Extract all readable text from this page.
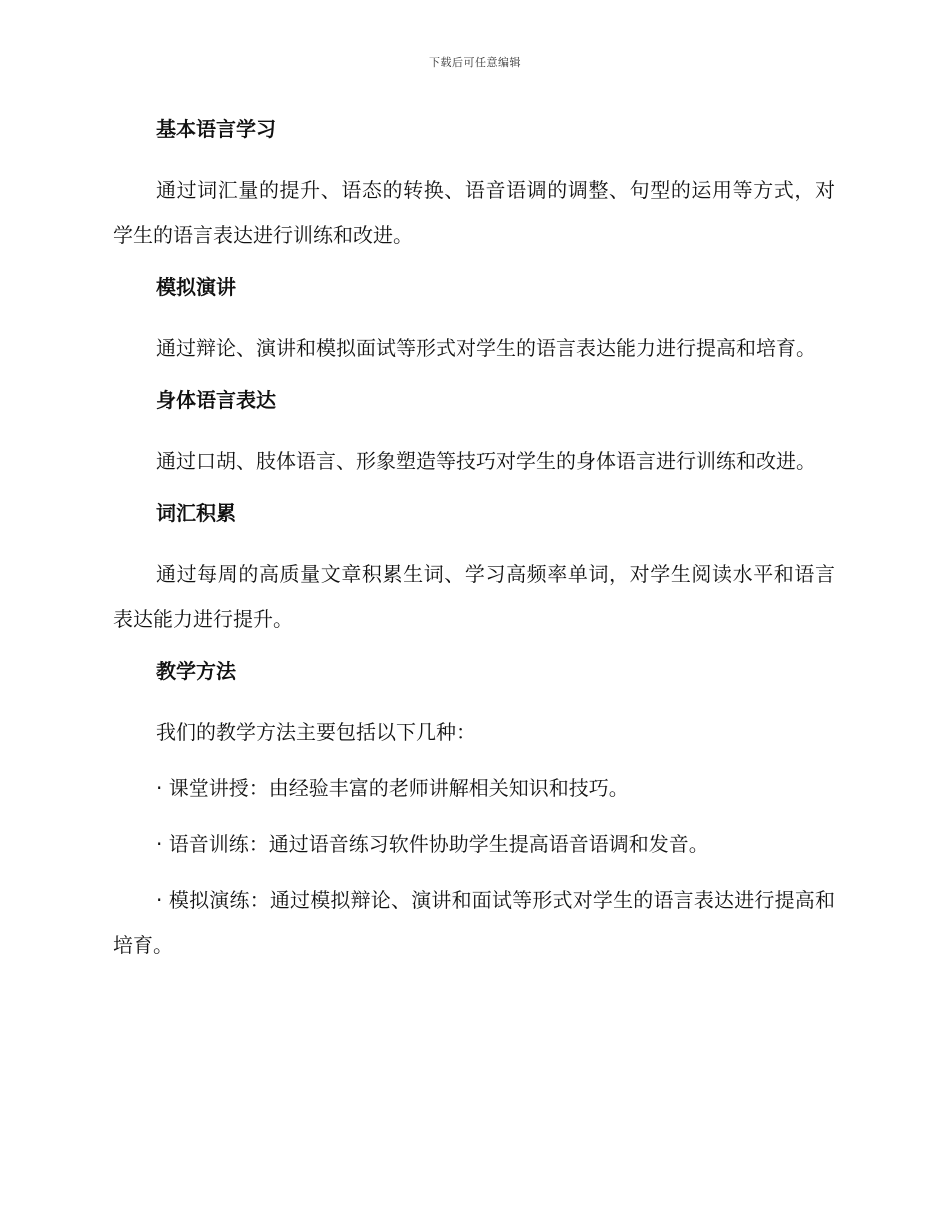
下载后可任意编辑
基本语言学习
通过词汇量的提升、语态的转换、语音语调的调整、句型的运用等方式，对学生的语言表达进行训练和改进。
模拟演讲
通过辩论、演讲和模拟面试等形式对学生的语言表达能力进行提高和培育。
身体语言表达
通过口胡、肢体语言、形象塑造等技巧对学生的身体语言进行训练和改进。
词汇积累
通过每周的高质量文章积累生词、学习高频率单词，对学生阅读水平和语言表达能力进行提升。
教学方法
我们的教学方法主要包括以下几种：
· 课堂讲授：由经验丰富的老师讲解相关知识和技巧。
· 语音训练：通过语音练习软件协助学生提高语音语调和发音。
· 模拟演练：通过模拟辩论、演讲和面试等形式对学生的语言表达进行提高和培育。
